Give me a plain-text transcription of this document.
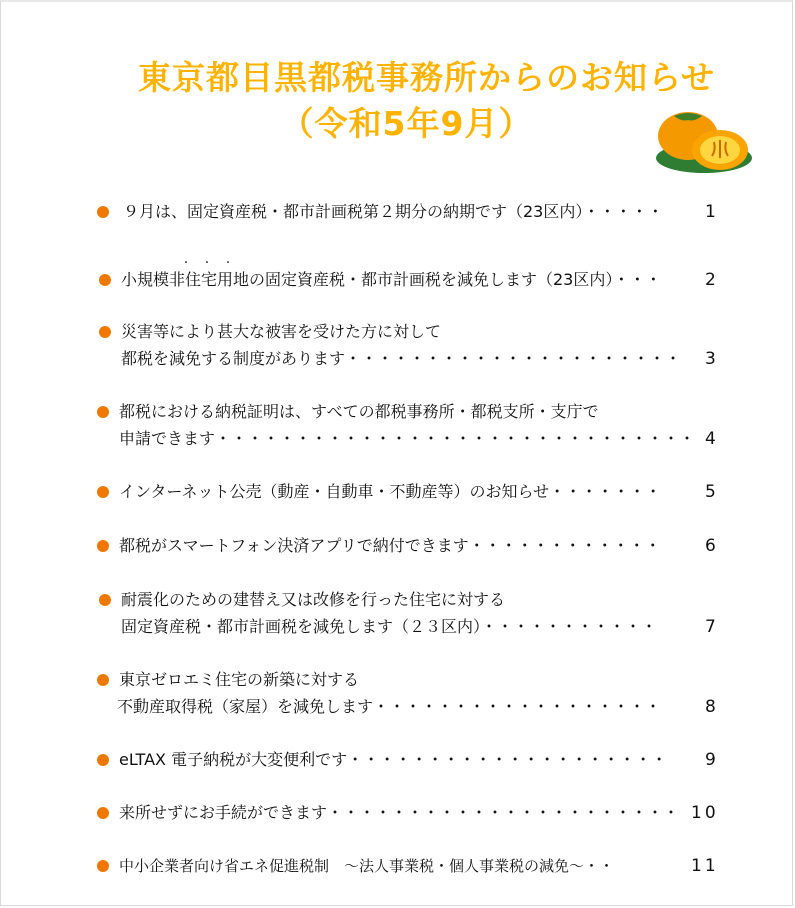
東京都目黒都税事務所からのお知らせ
（令和5年9月）
９月は、固定資産税・都市計画税第２期分の納期です（23区内）・・・・・ 1
・・・
小規模非住宅用地の固定資産税・都市計画税を減免します（23区内）・・・	2
災害等により甚大な被害を受けた方に対して
都税を減免する制度があります・・・・・・・・・・・・・・・・・・・・・ 3
都税における納税証明は、すべての都税事務所・都税支所・支庁で
申請できます・・・・・・・・・・・・・・・・・・・・・・・・・・・・・・ 4
インターネット公売（動産・自動車・不動産等）のお知らせ・・・・・・・	5
都税がスマートフォン決済アプリで納付できます・・・・・・・・・・・・	6
耐震化のための建替え又は改修を行った住宅に対する
固定資産税・都市計画税を減免します（２３区内）・・・・・・・・・・・	7
東京ゼロエミ住宅の新築に対する
不動産取得税（家屋）を減免します・・・・・・・・・・・・・・・・・・	8
eLTAX 電子納税が大変便利です・・・・・・・・・・・・・・・・・・・・ 9
来所せずにお手続ができます・・・・・・・・・・・・・・・・・・・・・・ 10
中小企業者向け省エネ促進税制　～法人事業税・個人事業税の減免～・・	11
